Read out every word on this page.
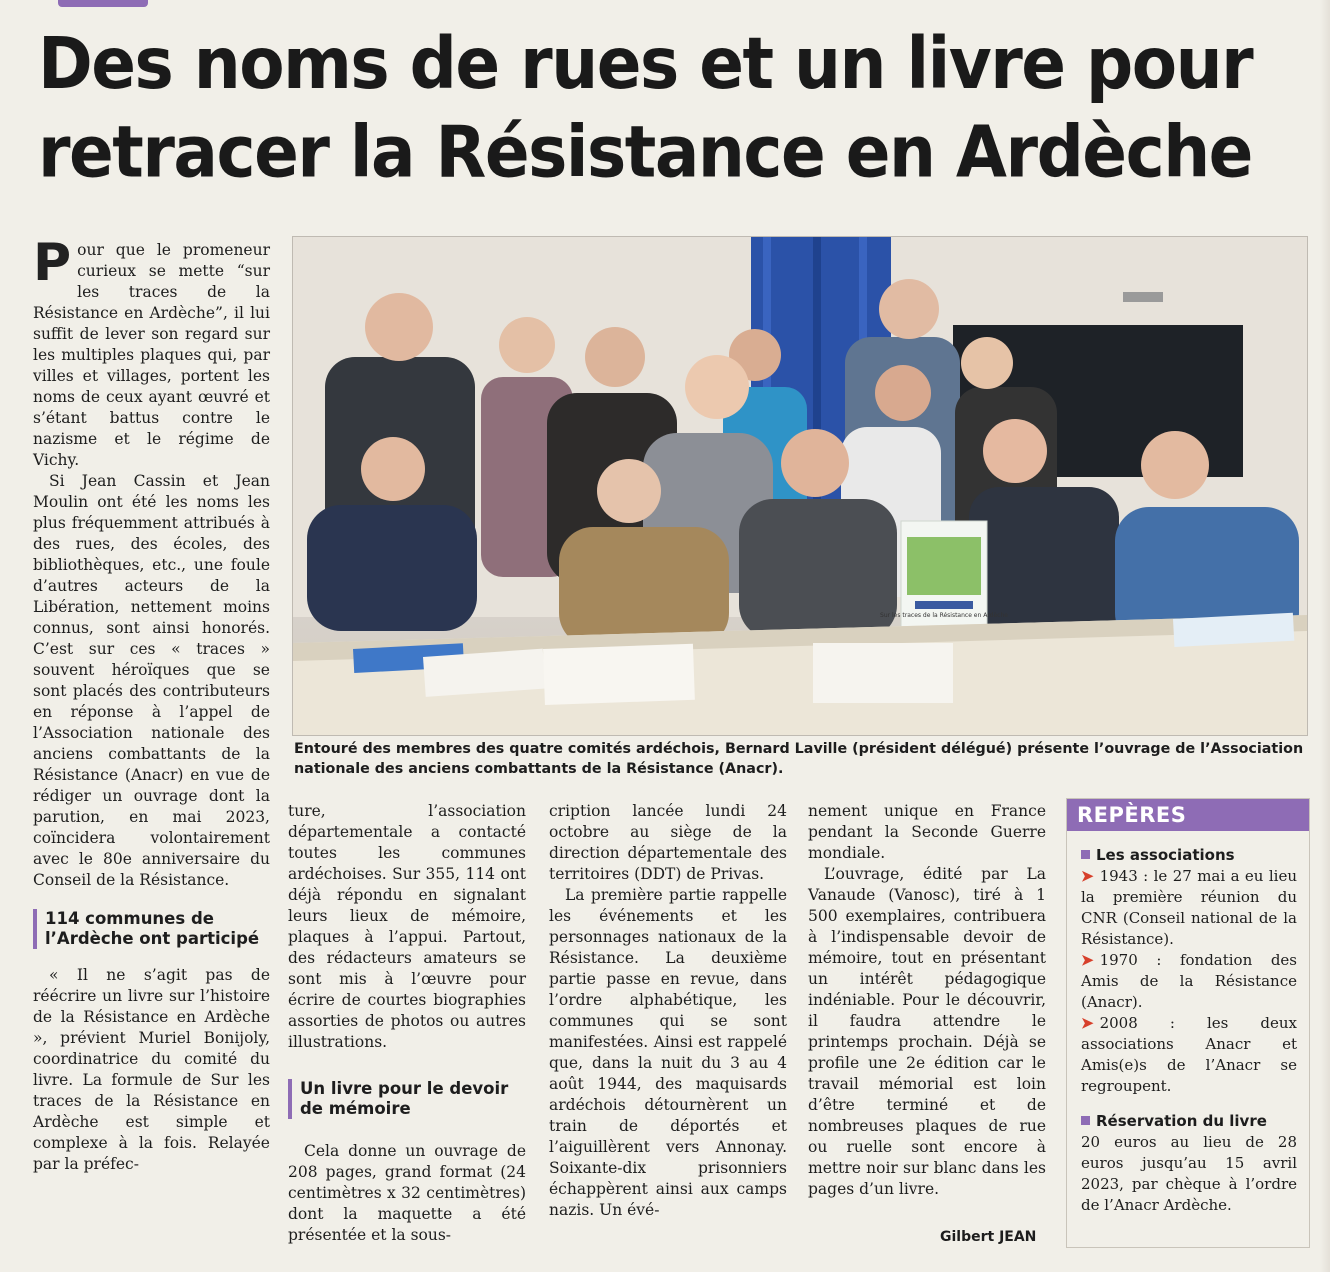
Des noms de rues et un livre pour
retracer la Résistance en Ardèche

Pour que le promeneur curieux se mette “sur les traces de la Résistance en Ardèche”, il lui suffit de lever son regard sur les multiples plaques qui, par villes et villages, portent les noms de ceux ayant œuvré et s’étant battus contre le nazisme et le régime de Vichy.

Si Jean Cassin et Jean Moulin ont été les noms les plus fréquemment attribués à des rues, des écoles, des bibliothèques, etc., une foule d’autres acteurs de la Libération, nettement moins connus, sont ainsi honorés. C’est sur ces « traces » souvent héroïques que se sont placés des contributeurs en réponse à l’appel de l’Association nationale des anciens combattants de la Résistance (Anacr) en vue de rédiger un ouvrage dont la parution, en mai 2023, coïncidera volontairement avec le 80e anniversaire du Conseil de la Résistance.

114 communes de l’Ardèche ont participé

« Il ne s’agit pas de réécrire un livre sur l’histoire de la Résistance en Ardèche », prévient Muriel Bonijoly, coordinatrice du comité du livre. La formule de Sur les traces de la Résistance en Ardèche est simple et complexe à la fois. Relayée par la préfec-

Sur les traces de la Résistance en Ardèche

Entouré des membres des quatre comités ardéchois, Bernard Laville (président délégué) présente l’ouvrage de l’Association nationale des anciens combattants de la Résistance (Anacr).

ture, l’association départementale a contacté toutes les communes ardéchoises. Sur 355, 114 ont déjà répondu en signalant leurs lieux de mémoire, plaques à l’appui. Partout, des rédacteurs amateurs se sont mis à l’œuvre pour écrire de courtes biographies assorties de photos ou autres illustrations.

Un livre pour le devoir de mémoire

Cela donne un ouvrage de 208 pages, grand format (24 centimètres x 32 centimètres) dont la maquette a été présentée et la sous-

cription lancée lundi 24 octobre au siège de la direction départementale des territoires (DDT) de Privas.

La première partie rappelle les événements et les personnages nationaux de la Résistance. La deuxième partie passe en revue, dans l’ordre alphabétique, les communes qui se sont manifestées. Ainsi est rappelé que, dans la nuit du 3 au 4 août 1944, des maquisards ardéchois détournèrent un train de déportés et l’aiguillèrent vers Annonay. Soixante-dix prisonniers échappèrent ainsi aux camps nazis. Un évé-

nement unique en France pendant la Seconde Guerre mondiale.

L’ouvrage, édité par La Vanaude (Vanosc), tiré à 1 500 exemplaires, contribuera à l’indispensable devoir de mémoire, tout en présentant un intérêt pédagogique indéniable. Pour le découvrir, il faudra attendre le printemps prochain. Déjà se profile une 2e édition car le travail mémorial est loin d’être terminé et de nombreuses plaques de rue ou ruelle sont encore à mettre noir sur blanc dans les pages d’un livre.

Gilbert JEAN
REPÈRES
Les associations
➤ 1943 : le 27 mai a eu lieu la première réunion du CNR (Conseil national de la Résistance).
➤ 1970 : fondation des Amis de la Résistance (Anacr).
➤ 2008 : les deux associations Anacr et Amis(e)s de l’Anacr se regroupent.
Réservation du livre
20 euros au lieu de 28 euros jusqu’au 15 avril 2023, par chèque à l’ordre de l’Anacr Ardèche.
